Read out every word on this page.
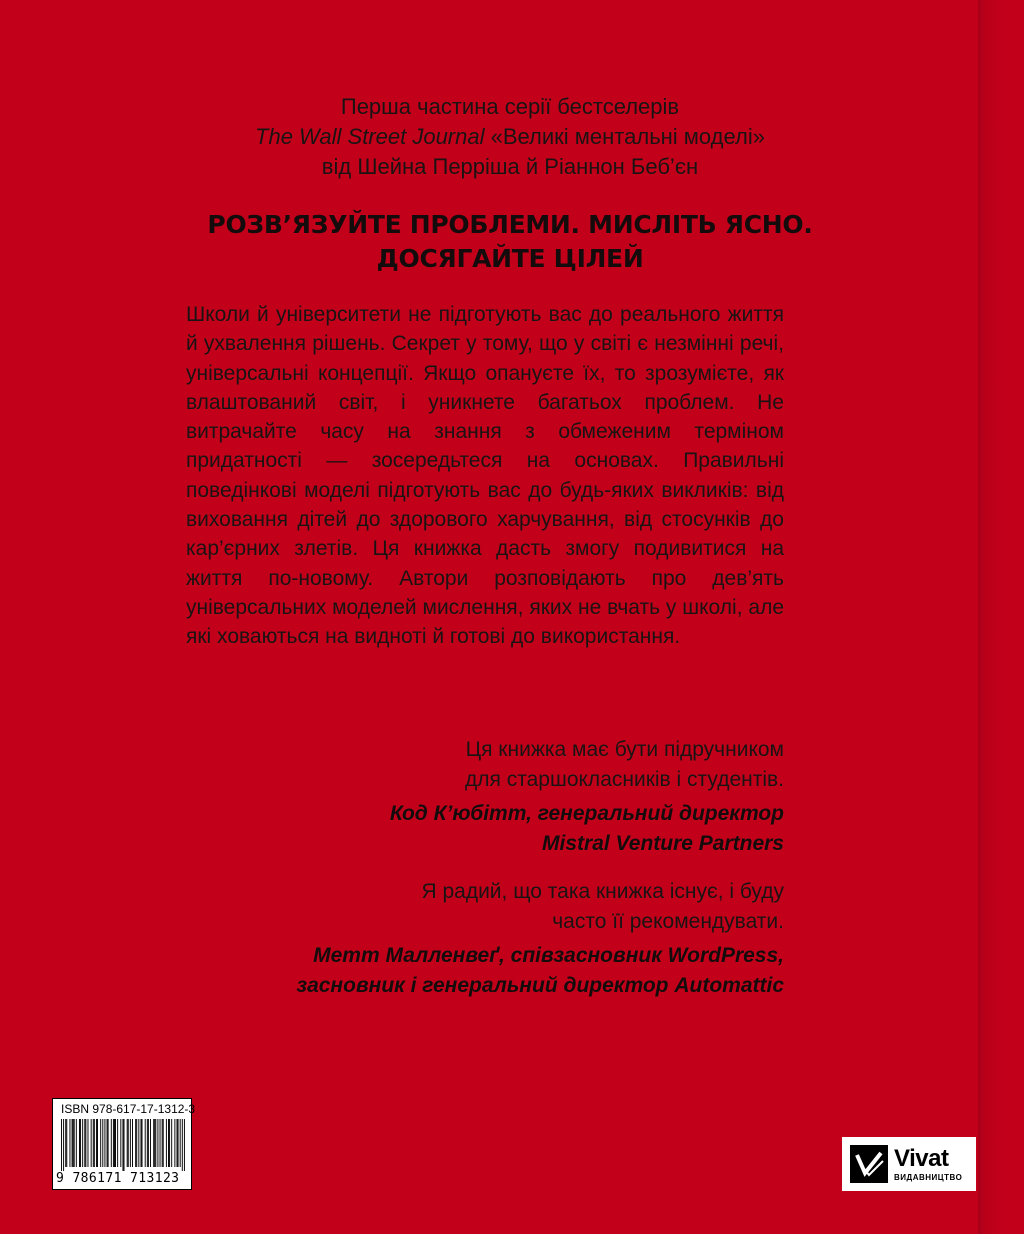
Перша частина серії бестселерів
The Wall Street Journal «Великі ментальні моделі»
від Шейна Перріша й Ріаннон Беб’єн
РОЗВ’ЯЗУЙТЕ ПРОБЛЕМИ. МИСЛІТЬ ЯСНО.
ДОСЯГАЙТЕ ЦІЛЕЙ
Школи й університети не підготують вас до реального життя й ухвалення рішень. Секрет у тому, що у світі є незмінні речі, універсальні концепції. Якщо опануєте їх, то зрозумієте, як влаштований світ, і уникнете багатьох проблем. Не витрачайте часу на знання з обмеженим терміном придатності — зосередьтеся на основах. Правильні поведінкові моделі підготують вас до будь-яких викликів: від виховання дітей до здорового харчування, від стосунків до кар’єрних злетів. Ця книжка дасть змогу подивитися на життя по-новому. Автори розповідають про дев’ять універсальних моделей мислення, яких не вчать у школі, але які ховаються на видноті й готові до використання.
Ця книжка має бути підручником
для старшокласників і студентів.
Код К’юбітт, генеральний директор
Mistral Venture Partners
Я радий, що така книжка існує, і буду
часто її рекомендувати.
Метт Малленвеґ, співзасновник WordPress,
засновник і генеральний директор Automattic
ISBN 978-617-17-1312-3
9 786171 713123
Vivat
ВИДАВНИЦТВО
